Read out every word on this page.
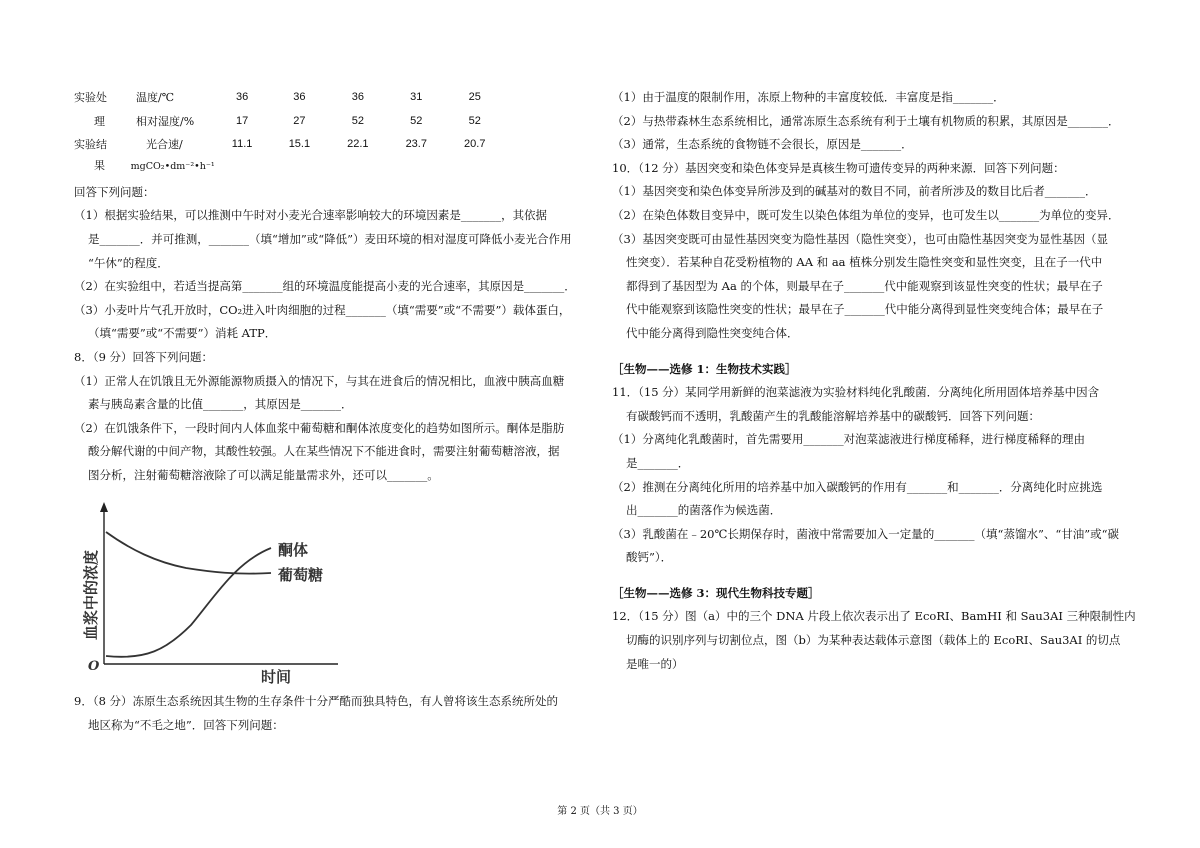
实验处	温度/℃	36	36	36	31	25
理	相对湿度/%	17	27	52	52	52
实验结	光合速/	11.1	15.1	22.1	23.7	20.7
果	mgCO₂•dm⁻²•h⁻¹
回答下列问题：
（1）根据实验结果，可以推测中午时对小麦光合速率影响较大的环境因素是_______，其依据
是_______．并可推测，_______（填“增加”或“降低”）麦田环境的相对湿度可降低小麦光合作用
“午休”的程度．
（2）在实验组中，若适当提高第_______组的环境温度能提高小麦的光合速率，其原因是_______．
（3）小麦叶片气孔开放时，CO₂进入叶肉细胞的过程_______（填“需要”或“不需要”）载体蛋白，
（填“需要”或“不需要”）消耗 ATP．
8．（9 分）回答下列问题：
（1）正常人在饥饿且无外源能源物质摄入的情况下，与其在进食后的情况相比，血液中胰高血糖
素与胰岛素含量的比值_______，其原因是_______．
（2）在饥饿条件下，一段时间内人体血浆中葡萄糖和酮体浓度变化的趋势如图所示。酮体是脂肪
酸分解代谢的中间产物，其酸性较强。人在某些情况下不能进食时，需要注射葡萄糖溶液，据
图分析，注射葡萄糖溶液除了可以满足能量需求外，还可以_______。
酮体
葡萄糖
O
时间
血浆中的浓度
9．（8 分）冻原生态系统因其生物的生存条件十分严酷而独具特色，有人曾将该生态系统所处的
地区称为“不毛之地”．回答下列问题：
（1）由于温度的限制作用，冻原上物种的丰富度较低．丰富度是指_______．
（2）与热带森林生态系统相比，通常冻原生态系统有利于土壤有机物质的积累，其原因是_______．
（3）通常，生态系统的食物链不会很长，原因是_______．
10．（12 分）基因突变和染色体变异是真核生物可遗传变异的两种来源．回答下列问题：
（1）基因突变和染色体变异所涉及到的碱基对的数目不同，前者所涉及的数目比后者_______．
（2）在染色体数目变异中，既可发生以染色体组为单位的变异，也可发生以_______为单位的变异．
（3）基因突变既可由显性基因突变为隐性基因（隐性突变），也可由隐性基因突变为显性基因（显
性突变）．若某种自花受粉植物的 AA 和 aa 植株分别发生隐性突变和显性突变，且在子一代中
都得到了基因型为 Aa 的个体，则最早在子_______代中能观察到该显性突变的性状；最早在子
代中能观察到该隐性突变的性状；最早在子_______代中能分离得到显性突变纯合体；最早在子
代中能分离得到隐性突变纯合体．
［生物——选修 1：生物技术实践］
11．（15 分）某同学用新鲜的泡菜滤液为实验材料纯化乳酸菌．分离纯化所用固体培养基中因含
有碳酸钙而不透明，乳酸菌产生的乳酸能溶解培养基中的碳酸钙．回答下列问题：
（1）分离纯化乳酸菌时，首先需要用_______对泡菜滤液进行梯度稀释，进行梯度稀释的理由
是_______．
（2）推测在分离纯化所用的培养基中加入碳酸钙的作用有_______和_______．分离纯化时应挑选
出_______的菌落作为候选菌．
（3）乳酸菌在﹣20℃长期保存时，菌液中常需要加入一定量的_______（填“蒸馏水”、“甘油”或“碳
酸钙”）．
［生物——选修 3：现代生物科技专题］
12．（15 分）图（a）中的三个 DNA 片段上依次表示出了 EcoRI、BamHI 和 Sau3AI 三种限制性内
切酶的识别序列与切割位点，图（b）为某种表达载体示意图（载体上的 EcoRI、Sau3AI 的切点
是唯一的）
第 2 页（共 3 页）
